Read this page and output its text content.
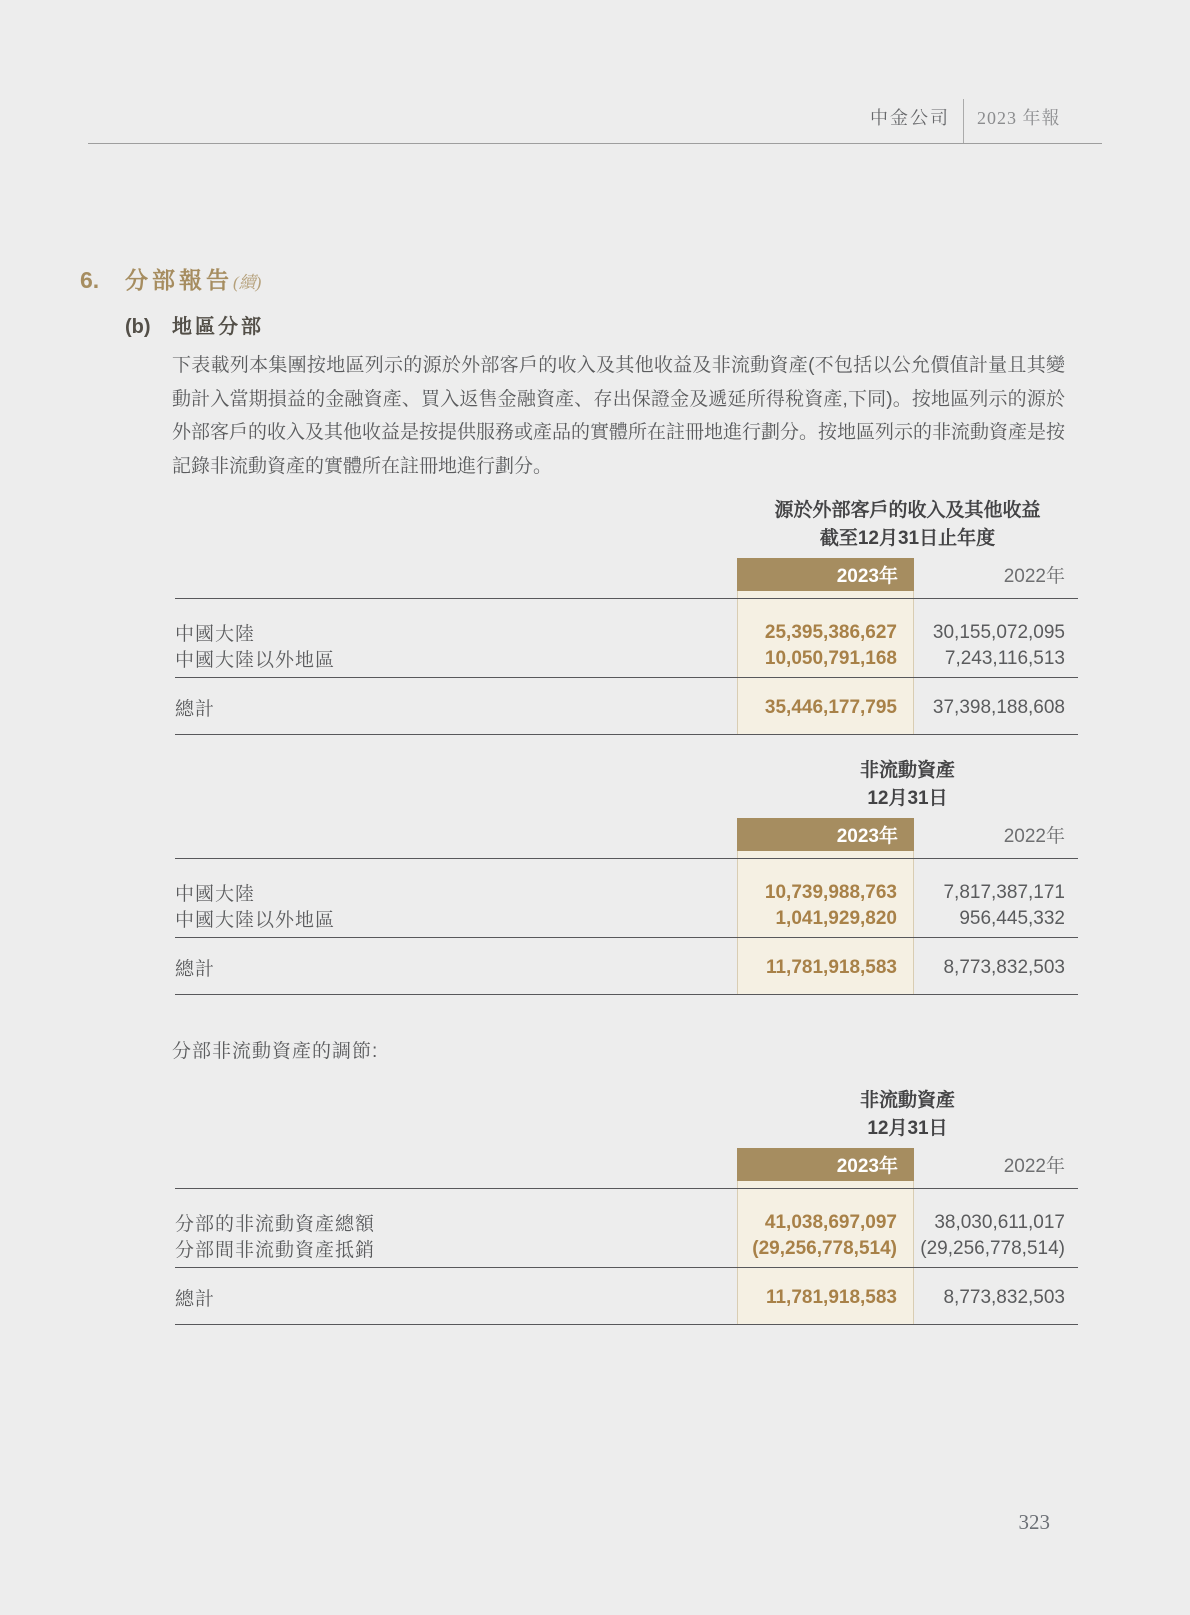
中金公司 2023 年報
6.	分部報告 (續)
(b)	地區分部
下表載列本集團按地區列示的源於外部客戶的收入及其他收益及非流動資產(不包括以公允價值計量且其變動計入當期損益的金融資產、買入返售金融資產、存出保證金及遞延所得稅資產,下同)。按地區列示的源於外部客戶的收入及其他收益是按提供服務或產品的實體所在註冊地進行劃分。按地區列示的非流動資產是按記錄非流動資產的實體所在註冊地進行劃分。
源於外部客戶的收入及其他收益
截至12月31日止年度
2023年	2022年
中國大陸	25,395,386,627	30,155,072,095
中國大陸以外地區	10,050,791,168	7,243,116,513
總計	35,446,177,795	37,398,188,608
非流動資產
12月31日
2023年	2022年
中國大陸	10,739,988,763	7,817,387,171
中國大陸以外地區	1,041,929,820	956,445,332
總計	11,781,918,583	8,773,832,503
分部非流動資產的調節:
非流動資產
12月31日
2023年	2022年
分部的非流動資產總額	41,038,697,097	38,030,611,017
分部間非流動資產抵銷	(29,256,778,514)	(29,256,778,514)
總計	11,781,918,583	8,773,832,503
323
